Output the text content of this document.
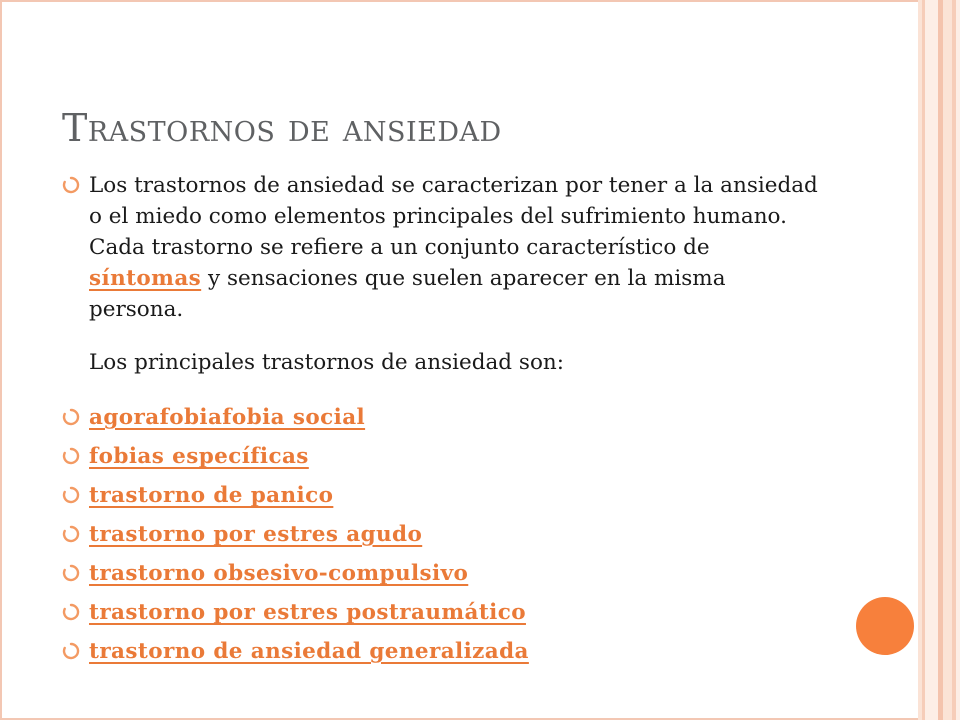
Trastornos de ansiedad
Los trastornos de ansiedad se caracterizan por tener a la ansiedad o el miedo como elementos principales del sufrimiento humano. Cada trastorno se refiere a un conjunto característico de síntomas y sensaciones que suelen aparecer en la misma persona.
Los principales trastornos de ansiedad son:
agorafobiafobia social
fobias específicas
trastorno de panico
trastorno por estres agudo
trastorno obsesivo-compulsivo
trastorno por estres postraumático
trastorno de ansiedad generalizada
